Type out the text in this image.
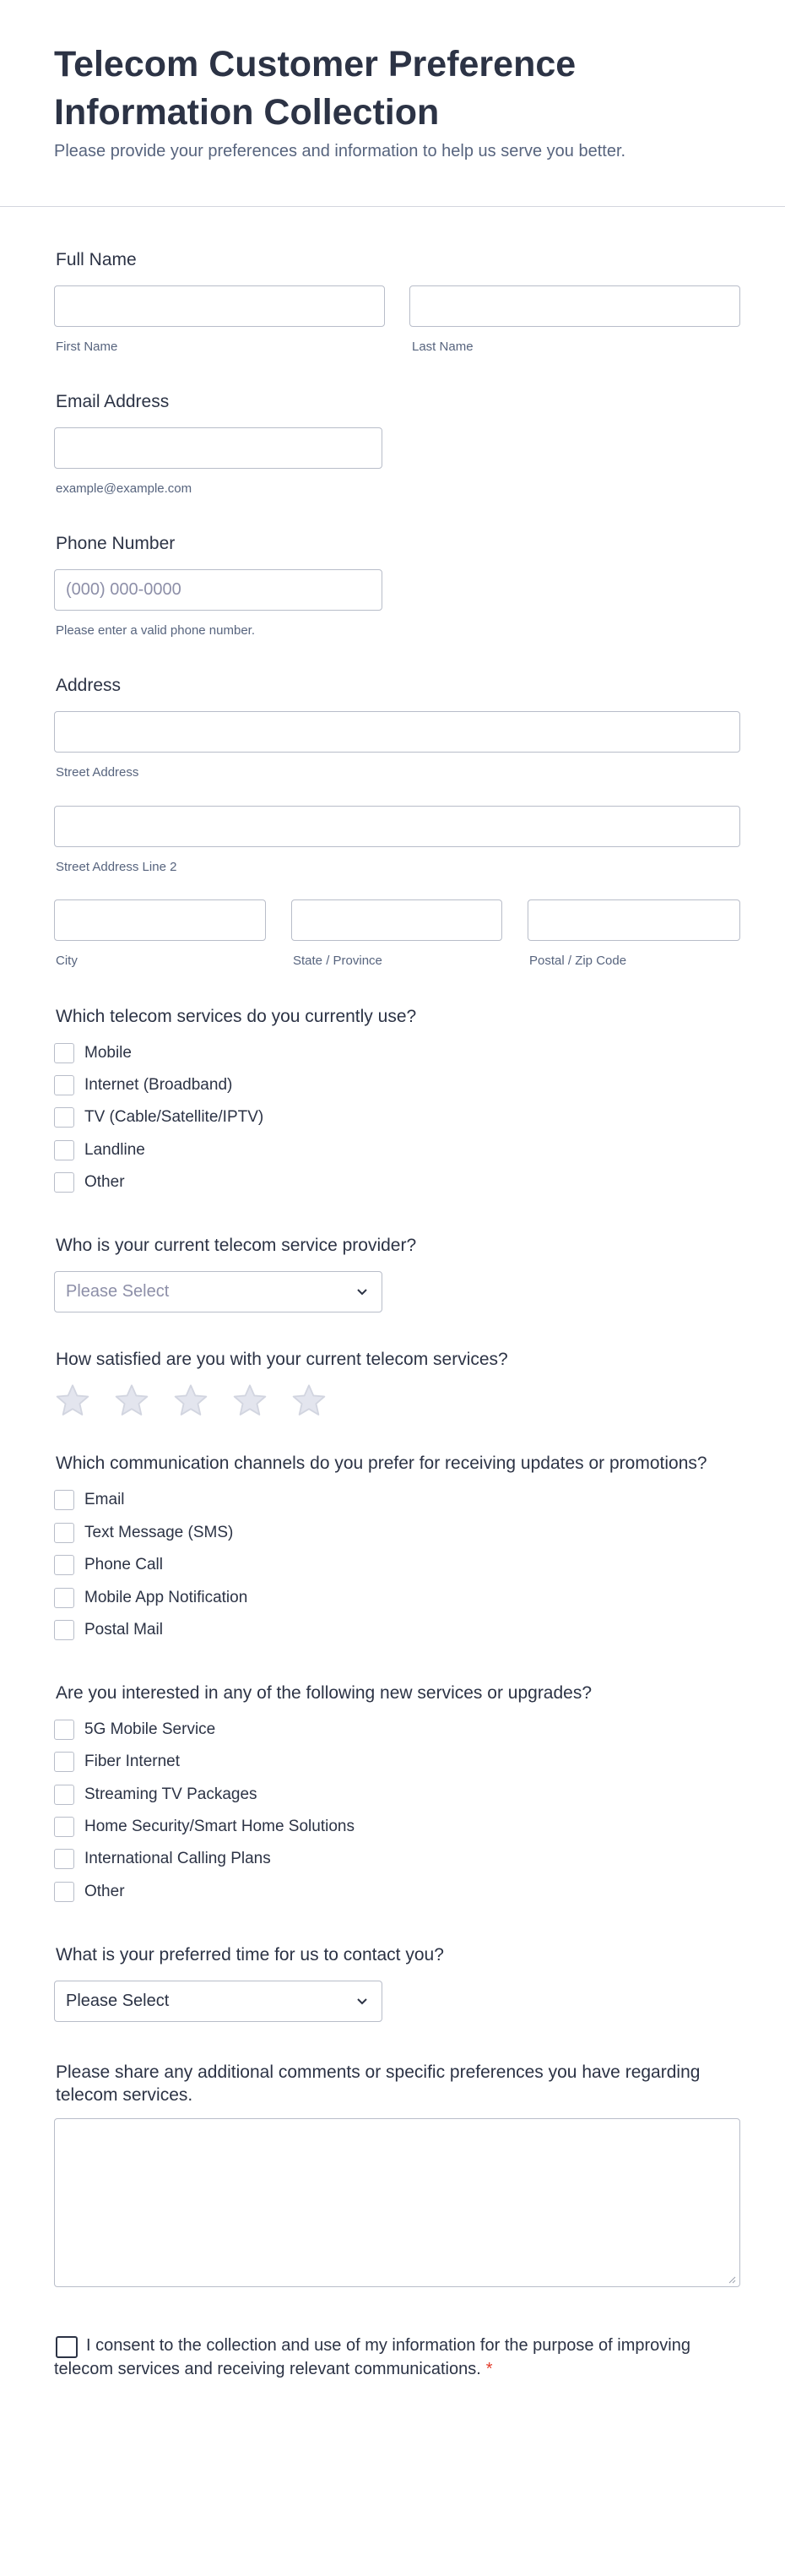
Telecom Customer Preference Information Collection
Please provide your preferences and information to help us serve you better.
Full Name
First Name	Last Name
Email Address
example@example.com
Phone Number
(000) 000-0000
Please enter a valid phone number.
Address
Street Address
Street Address Line 2
City	State / Province	Postal / Zip Code
Which telecom services do you currently use?
Mobile
Internet (Broadband)
TV (Cable/Satellite/IPTV)
Landline
Other
Who is your current telecom service provider?
Please Select
How satisfied are you with your current telecom services?
Which communication channels do you prefer for receiving updates or promotions?
Email
Text Message (SMS)
Phone Call
Mobile App Notification
Postal Mail
Are you interested in any of the following new services or upgrades?
5G Mobile Service
Fiber Internet
Streaming TV Packages
Home Security/Smart Home Solutions
International Calling Plans
Other
What is your preferred time for us to contact you?
Please Select
Please share any additional comments or specific preferences you have regarding telecom services.
I consent to the collection and use of my information for the purpose of improving telecom services and receiving relevant communications. *
